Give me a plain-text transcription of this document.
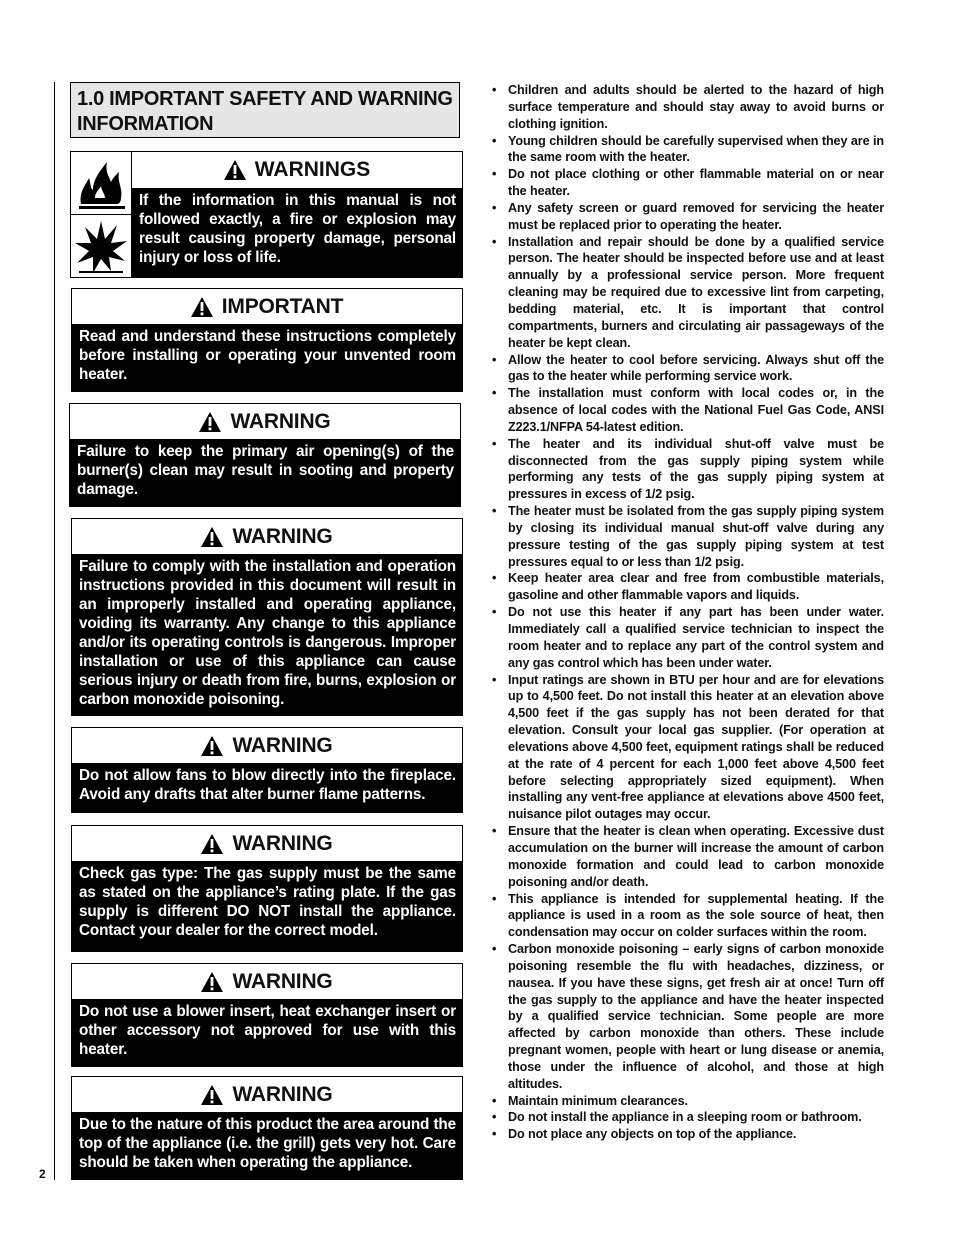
2
1.0 IMPORTANT SAFETY AND WARNING INFORMATION
WARNINGS
If the information in this manual is not followed exactly, a fire or explosion may result causing property damage, personal injury or loss of life.
IMPORTANT
Read and understand these instructions completely before installing or operating your unvented room heater.
WARNING
Failure to keep the primary air opening(s) of the burner(s) clean may result in sooting and property damage.
WARNING
Failure to comply with the installation and operation instructions provided in this document will result in an improperly installed and operating appliance, voiding its warranty. Any change to this appliance and/or its operating controls is dangerous. Improper installation or use of this appliance can cause serious injury or death from fire, burns, explosion or carbon monoxide poisoning.
WARNING
Do not allow fans to blow directly into the fireplace. Avoid any drafts that alter burner flame patterns.
WARNING
Check gas type: The gas supply must be the same as stated on the appliance’s rating plate. If the gas supply is different DO NOT install the appliance. Contact your dealer for the correct model.
WARNING
Do not use a blower insert, heat exchanger insert or other accessory not approved for use with this heater.
WARNING
Due to the nature of this product the area around the top of the appliance (i.e. the grill) gets very hot. Care should be taken when operating the appliance.
• Children and adults should be alerted to the hazard of high surface temperature and should stay away to avoid burns or clothing ignition.
• Young children should be carefully supervised when they are in the same room with the heater.
• Do not place clothing or other flammable material on or near the heater.
• Any safety screen or guard removed for servicing the heater must be replaced prior to operating the heater.
• Installation and repair should be done by a qualified service person. The heater should be inspected before use and at least annually by a professional service person. More frequent cleaning may be required due to excessive lint from carpeting, bedding material, etc. It is important that control compartments, burners and circulating air passageways of the heater be kept clean.
• Allow the heater to cool before servicing. Always shut off the gas to the heater while performing service work.
• The installation must conform with local codes or, in the absence of local codes with the National Fuel Gas Code, ANSI Z223.1/NFPA 54-latest edition.
• The heater and its individual shut-off valve must be disconnected from the gas supply piping system while performing any tests of the gas supply piping system at pressures in excess of 1/2 psig.
• The heater must be isolated from the gas supply piping system by closing its individual manual shut-off valve during any pressure testing of the gas supply piping system at test pressures equal to or less than 1/2 psig.
• Keep heater area clear and free from combustible materials, gasoline and other flammable vapors and liquids.
• Do not use this heater if any part has been under water. Immediately call a qualified service technician to inspect the room heater and to replace any part of the control system and any gas control which has been under water.
• Input ratings are shown in BTU per hour and are for elevations up to 4,500 feet. Do not install this heater at an elevation above 4,500 feet if the gas supply has not been derated for that elevation. Consult your local gas supplier. (For operation at elevations above 4,500 feet, equipment ratings shall be reduced at the rate of 4 percent for each 1,000 feet above 4,500 feet before selecting appropriately sized equipment). When installing any vent-free appliance at elevations above 4500 feet, nuisance pilot outages may occur.
• Ensure that the heater is clean when operating. Excessive dust accumulation on the burner will increase the amount of carbon monoxide formation and could lead to carbon monoxide poisoning and/or death.
• This appliance is intended for supplemental heating. If the appliance is used in a room as the sole source of heat, then condensation may occur on colder surfaces within the room.
• Carbon monoxide poisoning – early signs of carbon monoxide poisoning resemble the flu with headaches, dizziness, or nausea. If you have these signs, get fresh air at once! Turn off the gas supply to the appliance and have the heater inspected by a qualified service technician. Some people are more affected by carbon monoxide than others. These include pregnant women, people with heart or lung disease or anemia, those under the influence of alcohol, and those at high altitudes.
• Maintain minimum clearances.
• Do not install the appliance in a sleeping room or bathroom.
• Do not place any objects on top of the appliance.
